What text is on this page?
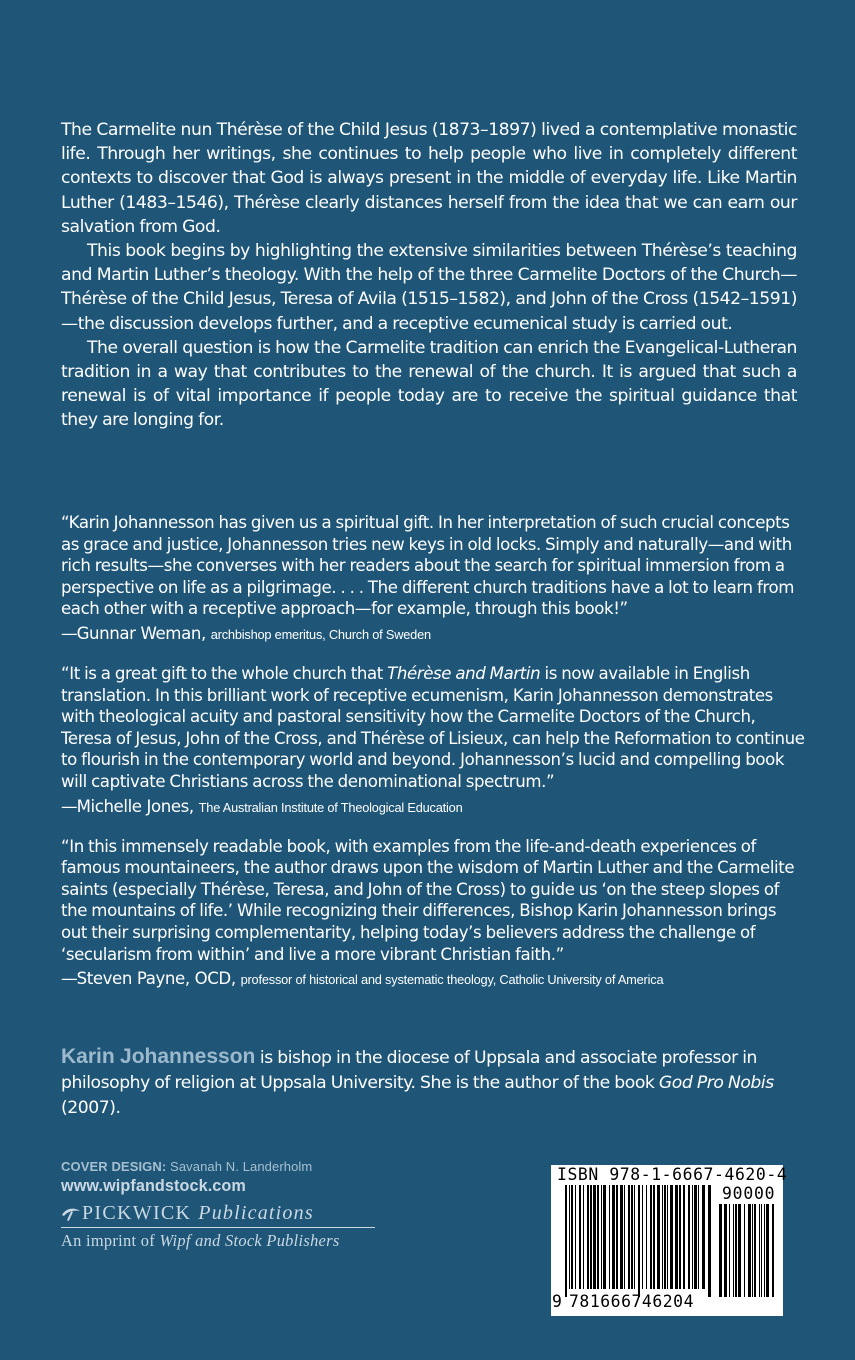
The Carmelite nun Thérèse of the Child Jesus (1873–1897) lived a contemplative monastic life. Through her writings, she continues to help people who live in completely different contexts to discover that God is always present in the middle of everyday life. Like Martin Luther (1483–1546), Thérèse clearly distances herself from the idea that we can earn our salvation from God.

This book begins by highlighting the extensive similarities between Thérèse’s teaching and Martin Luther’s theology. With the help of the three Carmelite Doctors of the Church—Thérèse of the Child Jesus, Teresa of Avila (1515–1582), and John of the Cross (1542–1591)—the discussion develops further, and a receptive ecumenical study is carried out.

The overall question is how the Carmelite tradition can enrich the Evangelical-Lutheran tradition in a way that contributes to the renewal of the church. It is argued that such a renewal is of vital importance if people today are to receive the spiritual guidance that they are longing for.

“Karin Johannesson has given us a spiritual gift. In her interpretation of such crucial concepts as grace and justice, Johannesson tries new keys in old locks. Simply and naturally—and with rich results—she converses with her readers about the search for spiritual immersion from a perspective on life as a pilgrimage. . . . The different church traditions have a lot to learn from each other with a receptive approach—for example, through this book!”

—Gunnar Weman, archbishop emeritus, Church of Sweden

“It is a great gift to the whole church that Thérèse and Martin is now available in English translation. In this brilliant work of receptive ecumenism, Karin Johannesson demonstrates with theological acuity and pastoral sensitivity how the Carmelite Doctors of the Church, Teresa of Jesus, John of the Cross, and Thérèse of Lisieux, can help the Reformation to continue to flourish in the contemporary world and beyond. Johannesson’s lucid and compelling book will captivate Christians across the denominational spectrum.”

—Michelle Jones, The Australian Institute of Theological Education

“In this immensely readable book, with examples from the life-and-death experiences of famous mountaineers, the author draws upon the wisdom of Martin Luther and the Carmelite saints (especially Thérèse, Teresa, and John of the Cross) to guide us ‘on the steep slopes of the mountains of life.’ While recognizing their differences, Bishop Karin Johannesson brings out their surprising complementarity, helping today’s believers address the challenge of ‘secularism from within’ and live a more vibrant Christian faith.”

—Steven Payne, OCD, professor of historical and systematic theology, Catholic University of America

Karin Johannesson is bishop in the diocese of Uppsala and associate professor in philosophy of religion at Uppsala University. She is the author of the book God Pro Nobis (2007).
COVER DESIGN: Savanah N. Landerholm
www.wipfandstock.com
PICKWICK Publications
An imprint of Wipf and Stock Publishers
ISBN 978-1-6667-4620-4
90000
9 781666746204
